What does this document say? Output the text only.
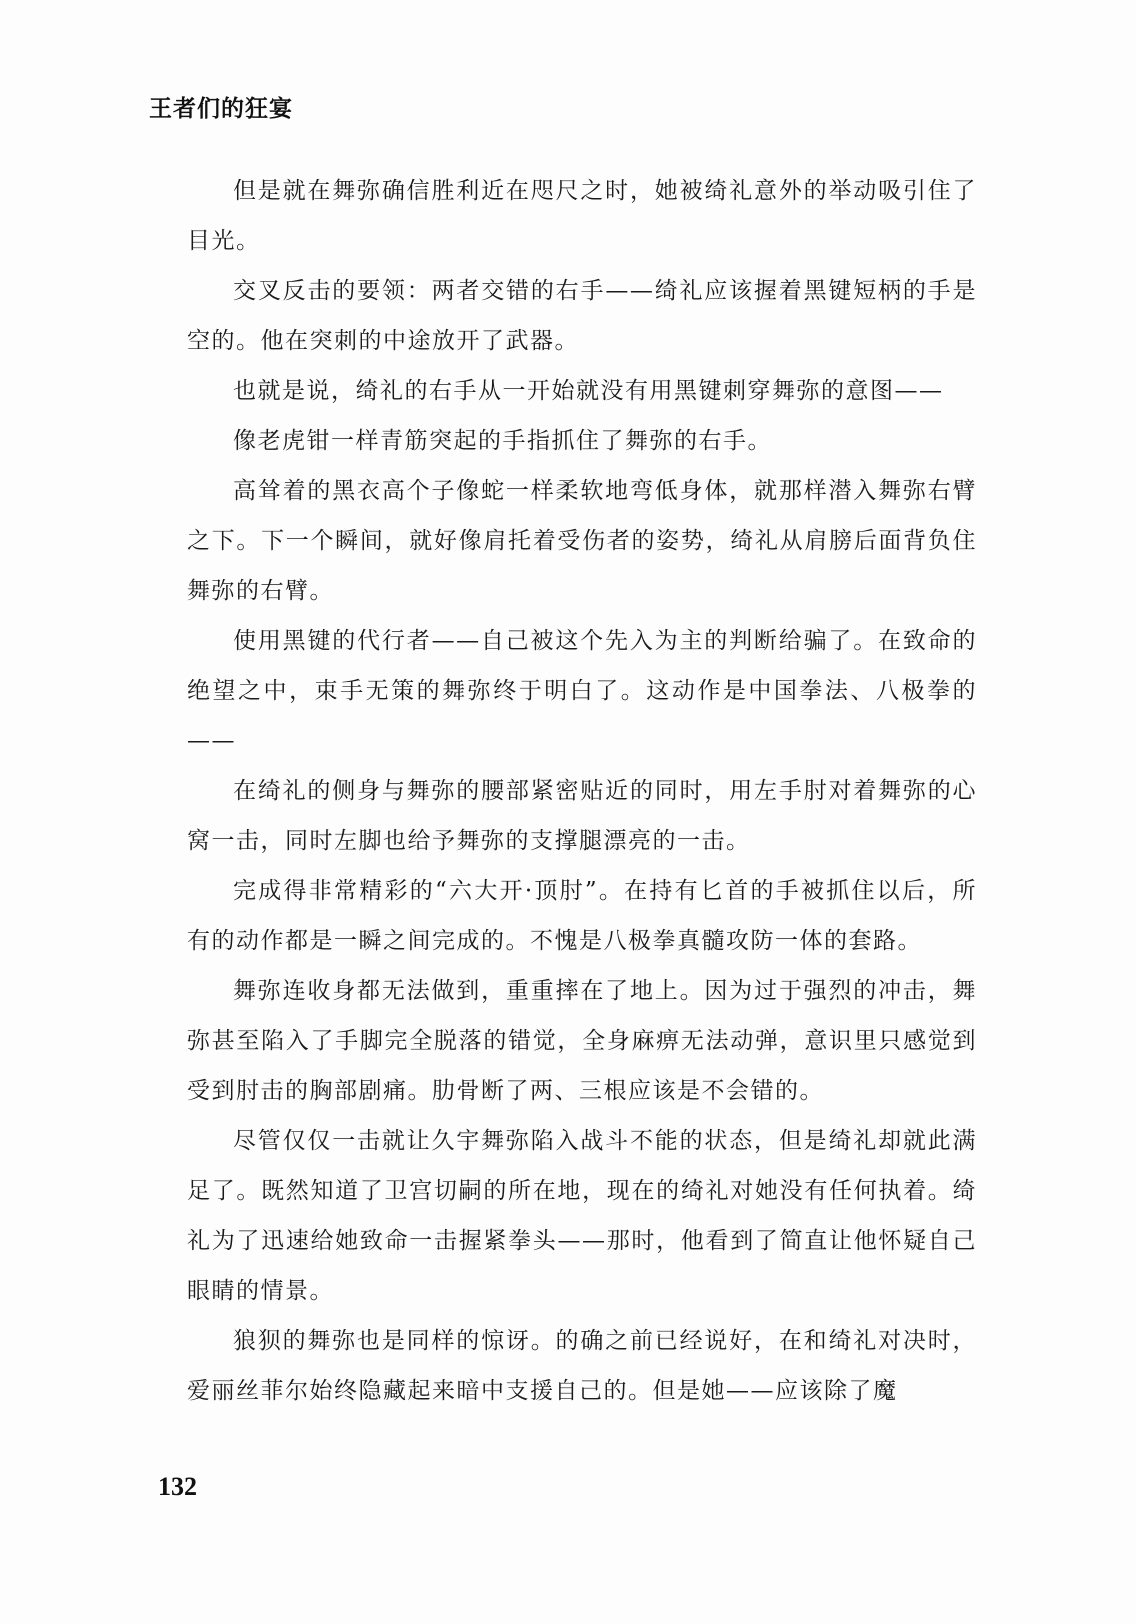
王者们的狂宴

但是就在舞弥确信胜利近在咫尺之时，她被绮礼意外的举动吸引住了目光。

交叉反击的要领：两者交错的右手——绮礼应该握着黑键短柄的手是空的。他在突刺的中途放开了武器。

也就是说，绮礼的右手从一开始就没有用黑键刺穿舞弥的意图——

像老虎钳一样青筋突起的手指抓住了舞弥的右手。

高耸着的黑衣高个子像蛇一样柔软地弯低身体，就那样潜入舞弥右臂之下。下一个瞬间，就好像肩托着受伤者的姿势，绮礼从肩膀后面背负住舞弥的右臂。

使用黑键的代行者——自己被这个先入为主的判断给骗了。在致命的绝望之中，束手无策的舞弥终于明白了。这动作是中国拳法、八极拳的——

在绮礼的侧身与舞弥的腰部紧密贴近的同时，用左手肘对着舞弥的心窝一击，同时左脚也给予舞弥的支撑腿漂亮的一击。

完成得非常精彩的“六大开·顶肘”。在持有匕首的手被抓住以后，所有的动作都是一瞬之间完成的。不愧是八极拳真髓攻防一体的套路。

舞弥连收身都无法做到，重重摔在了地上。因为过于强烈的冲击，舞弥甚至陷入了手脚完全脱落的错觉，全身麻痹无法动弹，意识里只感觉到受到肘击的胸部剧痛。肋骨断了两、三根应该是不会错的。

尽管仅仅一击就让久宇舞弥陷入战斗不能的状态，但是绮礼却就此满足了。既然知道了卫宫切嗣的所在地，现在的绮礼对她没有任何执着。绮礼为了迅速给她致命一击握紧拳头——那时，他看到了简直让他怀疑自己眼睛的情景。

狼狈的舞弥也是同样的惊讶。的确之前已经说好，在和绮礼对决时，爱丽丝菲尔始终隐藏起来暗中支援自己的。但是她——应该除了魔

132
